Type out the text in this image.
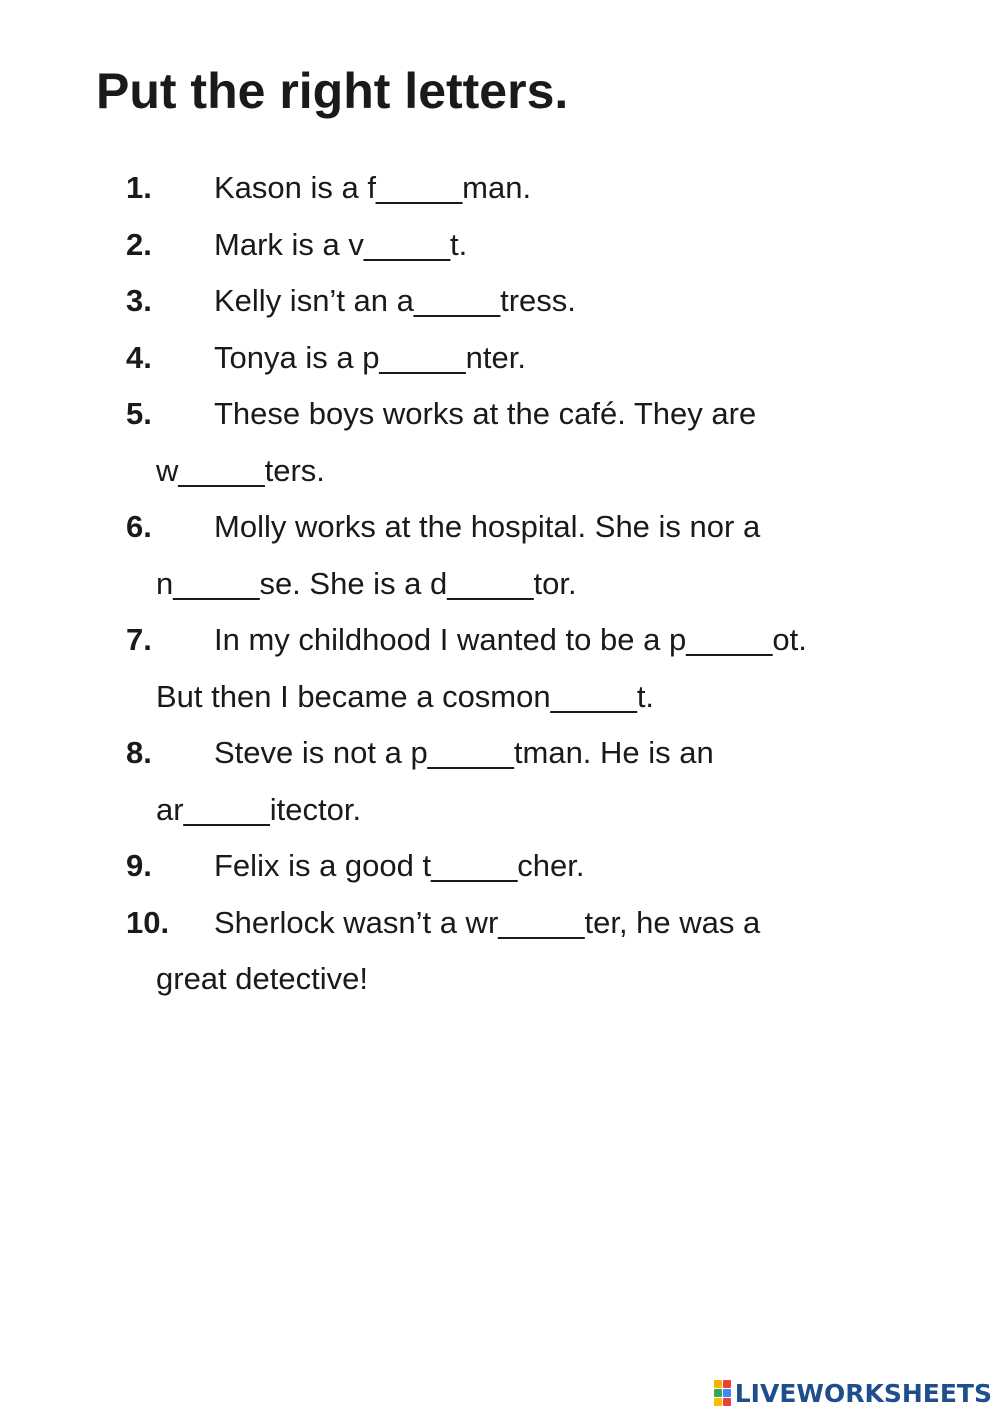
Put the right letters.
1. Kason is a f_____man.
2. Mark is a v_____t.
3. Kelly isn’t an a_____tress.
4. Tonya is a p_____nter.
5. These boys works at the café. They are
w_____ters.
6. Molly works at the hospital. She is nor a
n_____se. She is a d_____tor.
7. In my childhood I wanted to be a p_____ot.
But then I became a cosmon_____t.
8. Steve is not a p_____tman. He is an
ar_____itector.
9. Felix is a good t_____cher.
10. Sherlock wasn’t a wr_____ter, he was a
great detective!
LIVEWORKSHEETS
